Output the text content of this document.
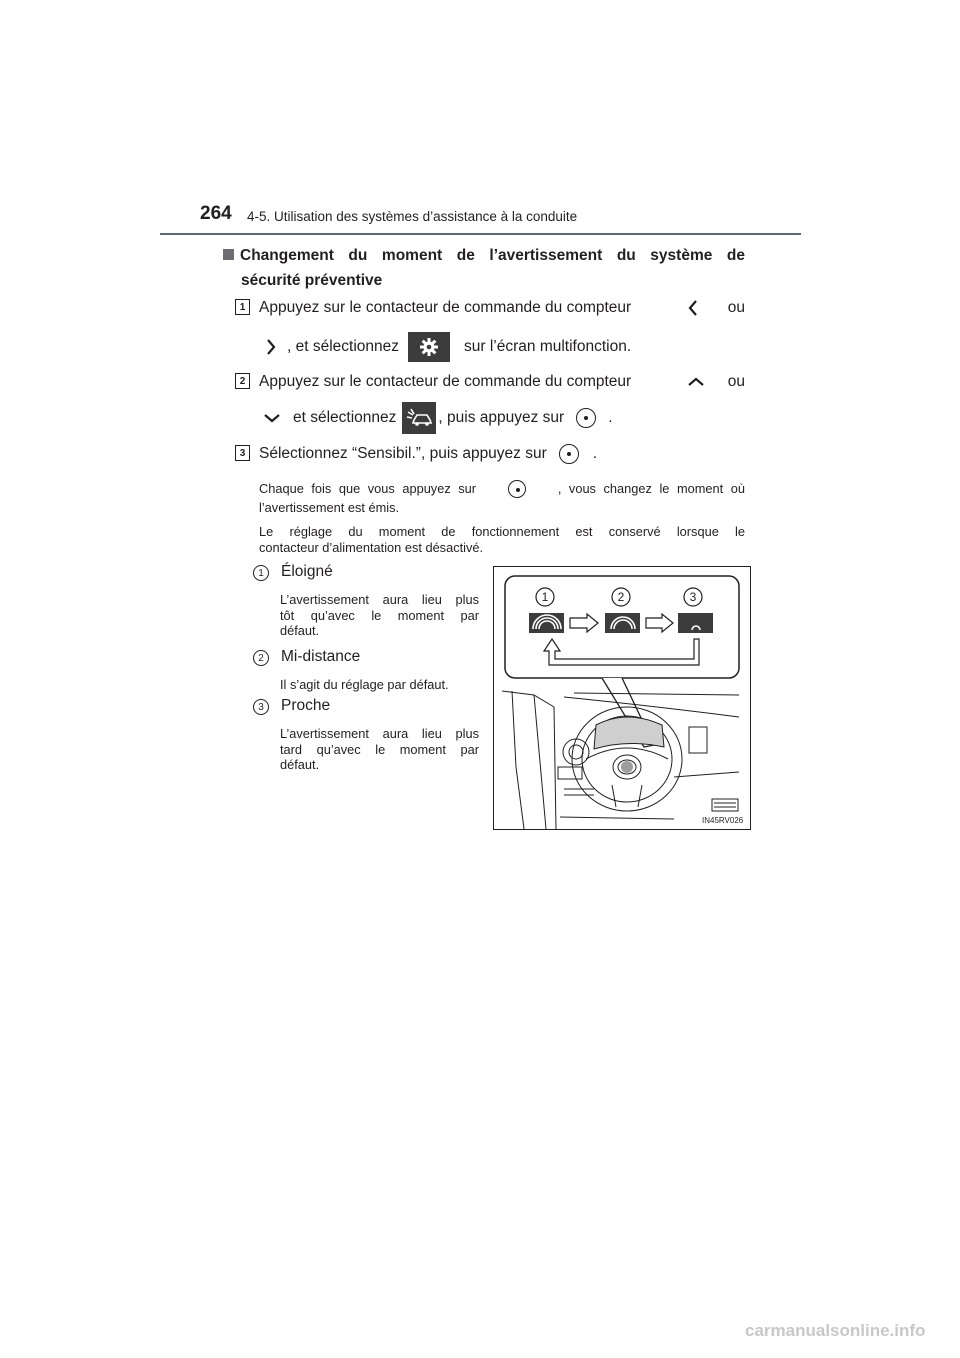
264 4-5. Utilisation des systèmes d’assistance à la conduite

Changement du moment de l’avertissement du système de

sécurité préventive

1 Appuyez sur le contacteur de commande du compteur	ou
, et sélectionnez	sur l’écran multifonction.
2 Appuyez sur le contacteur de commande du compteur	ou
et sélectionnez	, puis appuyez sur	.
3 Sélectionnez “Sensibil.”, puis appuyez sur	.
Chaque fois que vous appuyez sur	, vous changez le moment où
l’avertissement est émis.
Le réglage du moment de fonctionnement est conservé lorsque le
contacteur d’alimentation est désactivé.
1	Éloigné
L’avertissement aura lieu plus
tôt qu’avec le moment par
défaut.
2	Mi-distance
Il s’agit du réglage par défaut.
3	Proche
L’avertissement aura lieu plus
tard qu’avec le moment par
défaut.
IN45RV026
1	2	3
carmanualsonline.info
